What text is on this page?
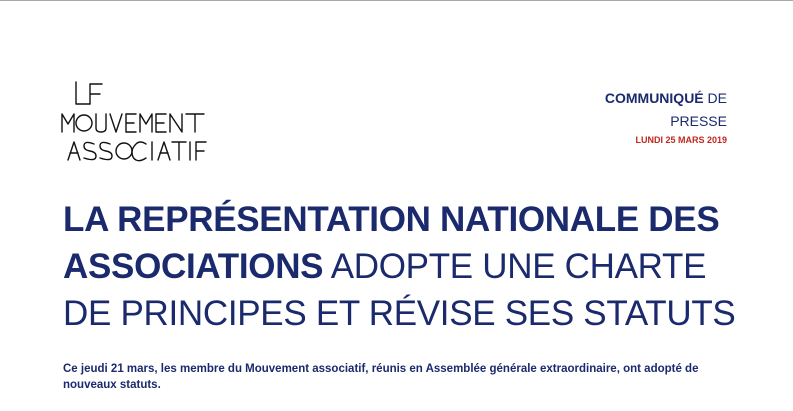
COMMUNIQUÉ DE
PRESSE
LUNDI 25 MARS 2019
LA REPRÉSENTATION NATIONALE DES
ASSOCIATIONS ADOPTE UNE CHARTE
DE PRINCIPES ET RÉVISE SES STATUTS
Ce jeudi 21 mars, les membre du Mouvement associatif, réunis en Assemblée générale extraordinaire, ont adopté de nouveaux statuts.
